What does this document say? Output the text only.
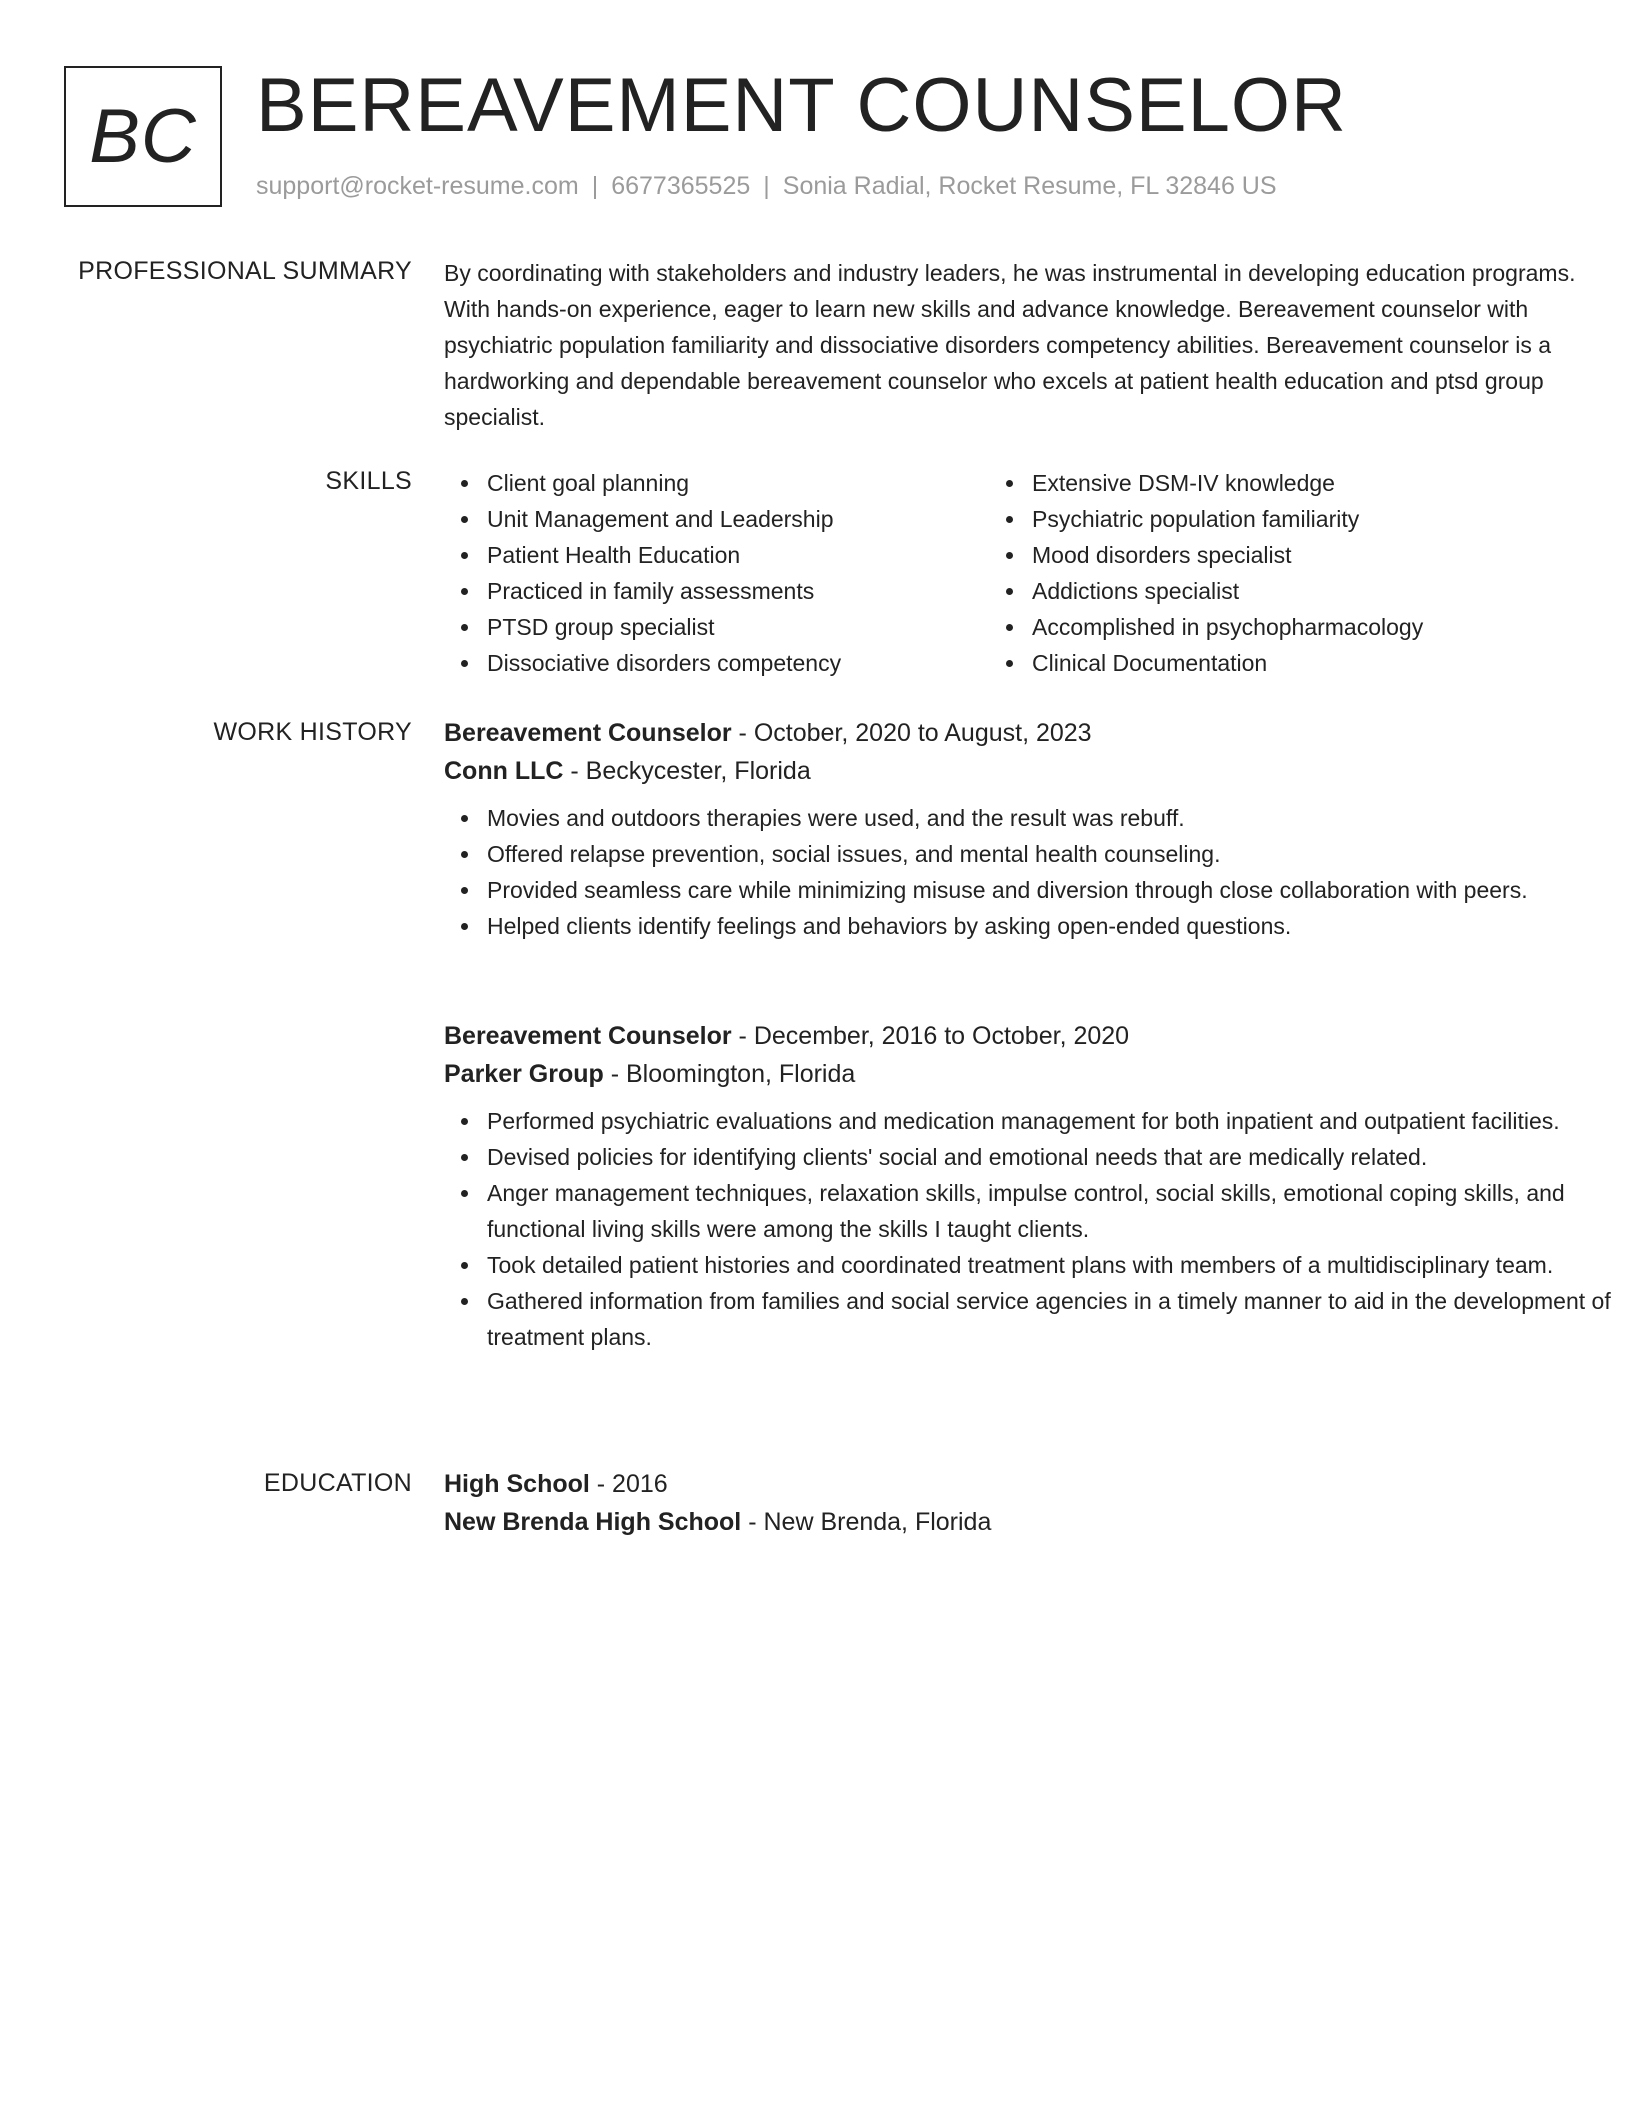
BC BEREAVEMENT COUNSELOR
support@rocket-resume.com | 6677365525 | Sonia Radial, Rocket Resume, FL 32846 US
PROFESSIONAL SUMMARY By coordinating with stakeholders and industry leaders, he was instrumental in developing education programs. With hands-on experience, eager to learn new skills and advance knowledge. Bereavement counselor with psychiatric population familiarity and dissociative disorders competency abilities. Bereavement counselor is a hardworking and dependable bereavement counselor who excels at patient health education and ptsd group specialist.

SKILLS	Client goal planning
Unit Management and Leadership
Patient Health Education
Practiced in family assessments
PTSD group specialist
Dissociative disorders competency
Extensive DSM-IV knowledge
Psychiatric population familiarity
Mood disorders specialist
Addictions specialist
Accomplished in psychopharmacology
Clinical Documentation
WORK HISTORY Bereavement Counselor - October, 2020 to August, 2023
Conn LLC - Beckycester, Florida
Movies and outdoors therapies were used, and the result was rebuff.
Offered relapse prevention, social issues, and mental health counseling.
Provided seamless care while minimizing misuse and diversion through close collaboration with peers.
Helped clients identify feelings and behaviors by asking open-ended questions.
Bereavement Counselor - December, 2016 to October, 2020
Parker Group - Bloomington, Florida
Performed psychiatric evaluations and medication management for both inpatient and outpatient facilities.
Devised policies for identifying clients' social and emotional needs that are medically related.
Anger management techniques, relaxation skills, impulse control, social skills, emotional coping skills, and functional living skills were among the skills I taught clients.
Took detailed patient histories and coordinated treatment plans with members of a multidisciplinary team.
Gathered information from families and social service agencies in a timely manner to aid in the development of treatment plans.
EDUCATION High School - 2016
New Brenda High School - New Brenda, Florida
